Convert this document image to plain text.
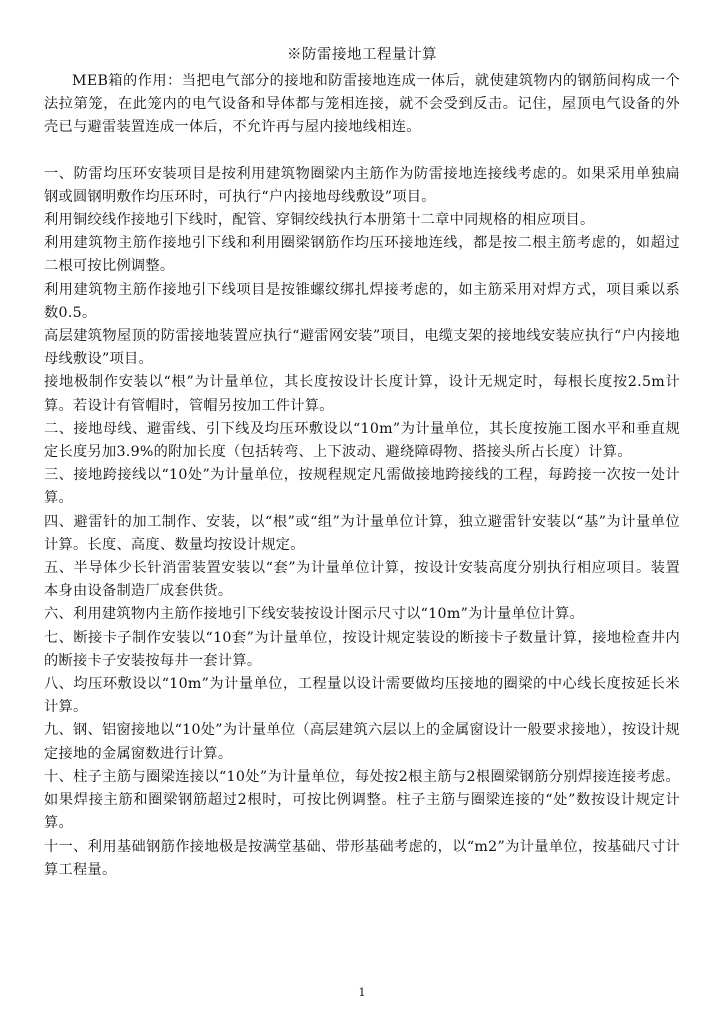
※防雷接地工程量计算

MEB箱的作用：当把电气部分的接地和防雷接地连成一体后，就使建筑物内的钢筋间构成一个法拉第笼，在此笼内的电气设备和导体都与笼相连接，就不会受到反击。记住，屋顶电气设备的外壳已与避雷装置连成一体后，不允许再与屋内接地线相连。

一、防雷均压环安装项目是按利用建筑物圈梁内主筋作为防雷接地连接线考虑的。如果采用单独扁钢或圆钢明敷作均压环时，可执行“户内接地母线敷设”项目。

利用铜绞线作接地引下线时，配管、穿铜绞线执行本册第十二章中同规格的相应项目。

利用建筑物主筋作接地引下线和利用圈梁钢筋作均压环接地连线，都是按二根主筋考虑的，如超过二根可按比例调整。

利用建筑物主筋作接地引下线项目是按锥螺纹绑扎焊接考虑的，如主筋采用对焊方式，项目乘以系数0.5。

高层建筑物屋顶的防雷接地装置应执行“避雷网安装”项目，电缆支架的接地线安装应执行“户内接地母线敷设”项目。

接地极制作安装以“根”为计量单位，其长度按设计长度计算，设计无规定时，每根长度按2.5m计算。若设计有管帽时，管帽另按加工件计算。

二、接地母线、避雷线、引下线及均压环敷设以“10m”为计量单位，其长度按施工图水平和垂直规定长度另加3.9%的附加长度（包括转弯、上下波动、避绕障碍物、搭接头所占长度）计算。

三、接地跨接线以“10处”为计量单位，按规程规定凡需做接地跨接线的工程，每跨接一次按一处计算。

四、避雷针的加工制作、安装，以“根”或“组”为计量单位计算，独立避雷针安装以“基”为计量单位计算。长度、高度、数量均按设计规定。

五、半导体少长针消雷装置安装以“套”为计量单位计算，按设计安装高度分别执行相应项目。装置本身由设备制造厂成套供货。

六、利用建筑物内主筋作接地引下线安装按设计图示尺寸以“10m”为计量单位计算。

七、断接卡子制作安装以“10套”为计量单位，按设计规定装设的断接卡子数量计算，接地检查井内的断接卡子安装按每井一套计算。

八、均压环敷设以“10m”为计量单位，工程量以设计需要做均压接地的圈梁的中心线长度按延长米计算。

九、钢、铝窗接地以“10处”为计量单位（高层建筑六层以上的金属窗设计一般要求接地），按设计规定接地的金属窗数进行计算。

十、柱子主筋与圈梁连接以“10处”为计量单位，每处按2根主筋与2根圈梁钢筋分别焊接连接考虑。如果焊接主筋和圈梁钢筋超过2根时，可按比例调整。柱子主筋与圈梁连接的“处”数按设计规定计算。

十一、利用基础钢筋作接地极是按满堂基础、带形基础考虑的，以“m2”为计量单位，按基础尺寸计算工程量。

1
